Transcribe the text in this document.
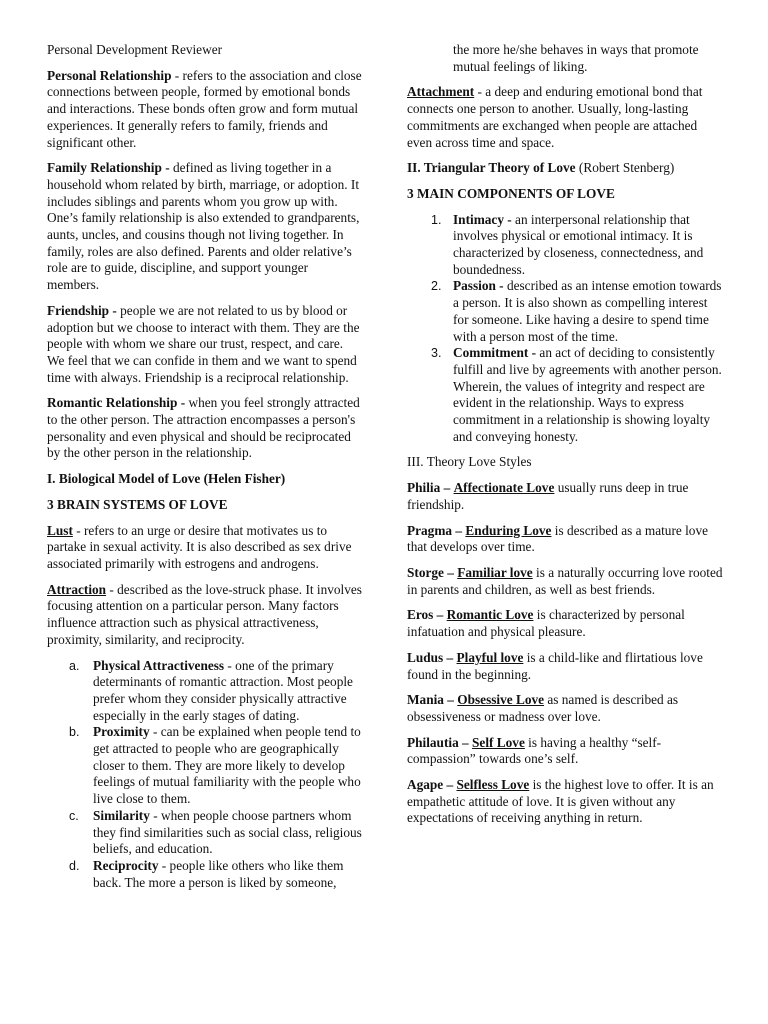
Personal Development Reviewer

Personal Relationship - refers to the association and close connections between people, formed by emotional bonds and interactions. These bonds often grow and form mutual experiences. It generally refers to family, friends and significant other.

Family Relationship - defined as living together in a household whom related by birth, marriage, or adoption. It includes siblings and parents whom you grow up with. One’s family relationship is also extended to grandparents, aunts, uncles, and cousins though not living together. In family, roles are also defined. Parents and older relative’s role are to guide, discipline, and support younger members.

Friendship - people we are not related to us by blood or adoption but we choose to interact with them. They are the people with whom we share our trust, respect, and care. We feel that we can confide in them and we want to spend time with always. Friendship is a reciprocal relationship.

Romantic Relationship - when you feel strongly attracted to the other person. The attraction encompasses a person's personality and even physical and should be reciprocated by the other person in the relationship.

I. Biological Model of Love (Helen Fisher)

3 BRAIN SYSTEMS OF LOVE

Lust - refers to an urge or desire that motivates us to partake in sexual activity. It is also described as sex drive associated primarily with estrogens and androgens.

Attraction - described as the love-struck phase. It involves focusing attention on a particular person. Many factors influence attraction such as physical attractiveness, proximity, similarity, and reciprocity.

a. Physical Attractiveness - one of the primary determinants of romantic attraction. Most people prefer whom they consider physically attractive especially in the early stages of dating.
b. Proximity - can be explained when people tend to get attracted to people who are geographically closer to them. They are more likely to develop feelings of mutual familiarity with the people who live close to them.
c. Similarity - when people choose partners whom they find similarities such as social class, religious beliefs, and education.
d. Reciprocity - people like others who like them back. The more a person is liked by someone,
the more he/she behaves in ways that promote mutual feelings of liking.

Attachment - a deep and enduring emotional bond that connects one person to another. Usually, long-lasting commitments are exchanged when people are attached even across time and space.

II. Triangular Theory of Love (Robert Stenberg)

3 MAIN COMPONENTS OF LOVE

1. Intimacy - an interpersonal relationship that involves physical or emotional intimacy. It is characterized by closeness, connectedness, and boundedness.
2. Passion - described as an intense emotion towards a person. It is also shown as compelling interest for someone. Like having a desire to spend time with a person most of the time.
3. Commitment - an act of deciding to consistently fulfill and live by agreements with another person. Wherein, the values of integrity and respect are evident in the relationship. Ways to express commitment in a relationship is showing loyalty and conveying honesty.

III. Theory Love Styles

Philia – Affectionate Love usually runs deep in true friendship.

Pragma – Enduring Love is described as a mature love that develops over time.

Storge – Familiar love is a naturally occurring love rooted in parents and children, as well as best friends.

Eros – Romantic Love is characterized by personal infatuation and physical pleasure.

Ludus – Playful love is a child-like and flirtatious love found in the beginning.

Mania – Obsessive Love as named is described as obsessiveness or madness over love.

Philautia – Self Love is having a healthy “self-compassion” towards one’s self.

Agape – Selfless Love is the highest love to offer. It is an empathetic attitude of love. It is given without any expectations of receiving anything in return.
